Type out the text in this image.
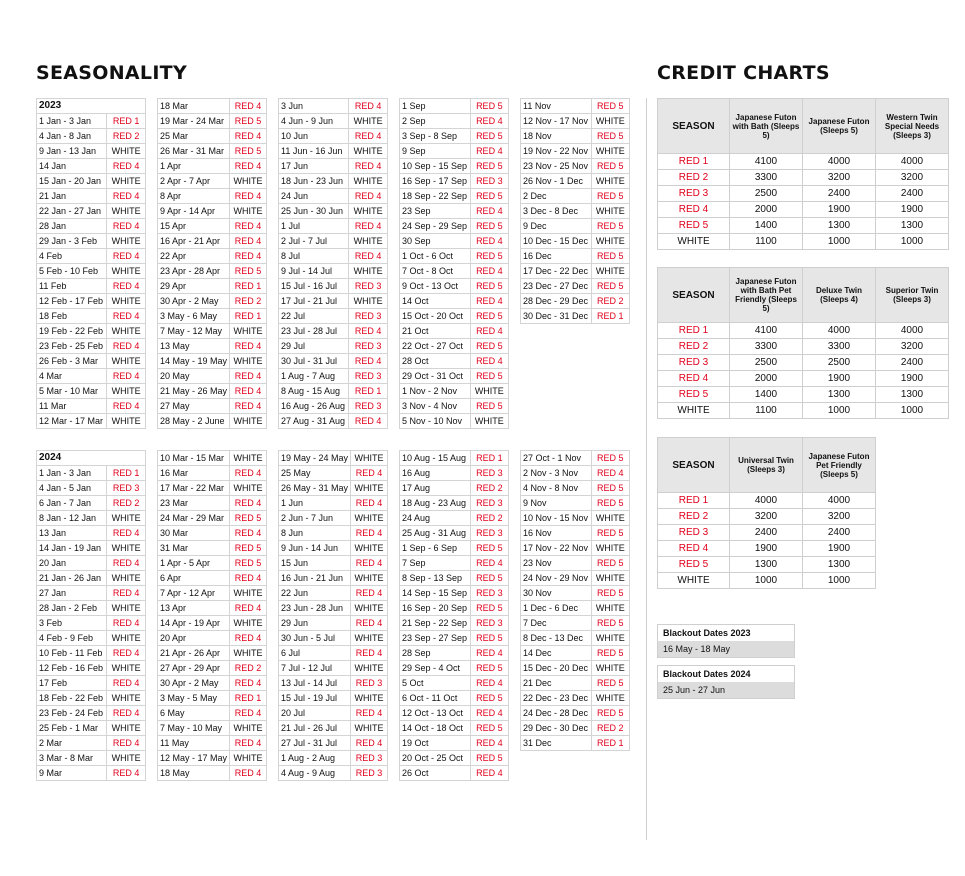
SEASONALITY	CREDIT CHARTS
2023	
1 Jan - 3 Jan	RED 1
4 Jan - 8 Jan	RED 2
9 Jan - 13 Jan	WHITE
14 Jan	RED 4
15 Jan - 20 Jan	WHITE
21 Jan	RED 4
22 Jan - 27 Jan	WHITE
28 Jan	RED 4
29 Jan - 3 Feb	WHITE
4 Feb	RED 4
5 Feb - 10 Feb	WHITE
11 Feb	RED 4
12 Feb - 17 Feb	WHITE
18 Feb	RED 4
19 Feb - 22 Feb	WHITE
23 Feb - 25 Feb	RED 4
26 Feb - 3 Mar	WHITE
4 Mar	RED 4
5 Mar - 10 Mar	WHITE
11 Mar	RED 4
12 Mar - 17 Mar	WHITE
18 Mar	RED 4
19 Mar - 24 Mar	RED 5
25 Mar	RED 4
26 Mar - 31 Mar	RED 5
1 Apr	RED 4
2 Apr - 7 Apr	WHITE
8 Apr	RED 4
9 Apr - 14 Apr	WHITE
15 Apr	RED 4
16 Apr - 21 Apr	RED 4
22 Apr	RED 4
23 Apr - 28 Apr	RED 5
29 Apr	RED 1
30 Apr - 2 May	RED 2
3 May - 6 May	RED 1
7 May - 12 May	WHITE
13 May	RED 4
14 May - 19 May	WHITE
20 May	RED 4
21 May - 26 May	RED 4
27 May	RED 4
28 May - 2 June	WHITE
3 Jun	RED 4
4 Jun - 9 Jun	WHITE
10 Jun	RED 4
11 Jun - 16 Jun	WHITE
17 Jun	RED 4
18 Jun - 23 Jun	WHITE
24 Jun	RED 4
25 Jun - 30 Jun	WHITE
1 Jul	RED 4
2 Jul - 7 Jul	WHITE
8 Jul	RED 4
9 Jul - 14 Jul	WHITE
15 Jul - 16 Jul	RED 3
17 Jul - 21 Jul	WHITE
22 Jul	RED 3
23 Jul - 28 Jul	RED 4
29 Jul	RED 3
30 Jul - 31 Jul	RED 4
1 Aug - 7 Aug	RED 3
8 Aug - 15 Aug	RED 1
16 Aug - 26 Aug	RED 3
27 Aug - 31 Aug	RED 4
1 Sep	RED 5
2 Sep	RED 4
3 Sep - 8 Sep	RED 5
9 Sep	RED 4
10 Sep - 15 Sep	RED 5
16 Sep - 17 Sep	RED 3
18 Sep - 22 Sep	RED 5
23 Sep	RED 4
24 Sep - 29 Sep	RED 5
30 Sep	RED 4
1 Oct - 6 Oct	RED 5
7 Oct - 8 Oct	RED 4
9 Oct - 13 Oct	RED 5
14 Oct	RED 4
15 Oct - 20 Oct	RED 5
21 Oct	RED 4
22 Oct - 27 Oct	RED 5
28 Oct	RED 4
29 Oct - 31 Oct	RED 5
1 Nov - 2 Nov	WHITE
3 Nov - 4 Nov	RED 5
5 Nov - 10 Nov	WHITE
11 Nov	RED 5
12 Nov - 17 Nov	WHITE
18 Nov	RED 5
19 Nov - 22 Nov	WHITE
23 Nov - 25 Nov	RED 5
26 Nov - 1 Dec	WHITE
2 Dec	RED 5
3 Dec - 8 Dec	WHITE
9 Dec	RED 5
10 Dec - 15 Dec	WHITE
16 Dec	RED 5
17 Dec - 22 Dec	WHITE
23 Dec - 27 Dec	RED 5
28 Dec - 29 Dec	RED 2
30 Dec - 31 Dec	RED 1
2024	
1 Jan - 3 Jan	RED 1
4 Jan - 5 Jan	RED 3
6 Jan - 7 Jan	RED 2
8 Jan - 12 Jan	WHITE
13 Jan	RED 4
14 Jan - 19 Jan	WHITE
20 Jan	RED 4
21 Jan - 26 Jan	WHITE
27 Jan	RED 4
28 Jan - 2 Feb	WHITE
3 Feb	RED 4
4 Feb - 9 Feb	WHITE
10 Feb - 11 Feb	RED 4
12 Feb - 16 Feb	WHITE
17 Feb	RED 4
18 Feb - 22 Feb	WHITE
23 Feb - 24 Feb	RED 4
25 Feb - 1 Mar	WHITE
2 Mar	RED 4
3 Mar - 8 Mar	WHITE
9 Mar	RED 4
10 Mar - 15 Mar	WHITE
16 Mar	RED 4
17 Mar - 22 Mar	WHITE
23 Mar	RED 4
24 Mar - 29 Mar	RED 5
30 Mar	RED 4
31 Mar	RED 5
1 Apr - 5 Apr	RED 5
6 Apr	RED 4
7 Apr - 12 Apr	WHITE
13 Apr	RED 4
14 Apr - 19 Apr	WHITE
20 Apr	RED 4
21 Apr - 26 Apr	WHITE
27 Apr - 29 Apr	RED 2
30 Apr - 2 May	RED 4
3 May - 5 May	RED 1
6 May	RED 4
7 May - 10 May	WHITE
11 May	RED 4
12 May - 17 May	WHITE
18 May	RED 4
19 May - 24 May	WHITE
25 May	RED 4
26 May - 31 May	WHITE
1 Jun	RED 4
2 Jun - 7 Jun	WHITE
8 Jun	RED 4
9 Jun - 14 Jun	WHITE
15 Jun	RED 4
16 Jun - 21 Jun	WHITE
22 Jun	RED 4
23 Jun - 28 Jun	WHITE
29 Jun	RED 4
30 Jun - 5 Jul	WHITE
6 Jul	RED 4
7 Jul - 12 Jul	WHITE
13 Jul - 14 Jul	RED 3
15 Jul - 19 Jul	WHITE
20 Jul	RED 4
21 Jul - 26 Jul	WHITE
27 Jul - 31 Jul	RED 4
1 Aug - 2 Aug	RED 3
4 Aug - 9 Aug	RED 3
10 Aug - 15 Aug	RED 1
16 Aug	RED 3
17 Aug	RED 2
18 Aug - 23 Aug	RED 3
24 Aug	RED 2
25 Aug - 31 Aug	RED 3
1 Sep - 6 Sep	RED 5
7 Sep	RED 4
8 Sep - 13 Sep	RED 5
14 Sep - 15 Sep	RED 3
16 Sep - 20 Sep	RED 5
21 Sep - 22 Sep	RED 3
23 Sep - 27 Sep	RED 5
28 Sep	RED 4
29 Sep - 4 Oct	RED 5
5 Oct	RED 4
6 Oct - 11 Oct	RED 5
12 Oct - 13 Oct	RED 4
14 Oct - 18 Oct	RED 5
19 Oct	RED 4
20 Oct - 25 Oct	RED 5
26 Oct	RED 4
27 Oct - 1 Nov	RED 5
2 Nov - 3 Nov	RED 4
4 Nov - 8 Nov	RED 5
9 Nov	RED 5
10 Nov - 15 Nov	WHITE
16 Nov	RED 5
17 Nov - 22 Nov	WHITE
23 Nov	RED 5
24 Nov - 29 Nov	WHITE
30 Nov	RED 5
1 Dec - 6 Dec	WHITE
7 Dec	RED 5
8 Dec - 13 Dec	WHITE
14 Dec	RED 5
15 Dec - 20 Dec	WHITE
21 Dec	RED 5
22 Dec - 23 Dec	WHITE
24 Dec - 28 Dec	RED 5
29 Dec - 30 Dec	RED 2
31 Dec	RED 1
SEASON	Japanese Futon with Bath (Sleeps 5)	Japanese Futon (Sleeps 5)	Western Twin Special Needs (Sleeps 3)
RED 1	4100	4000	4000
RED 2	3300	3200	3200
RED 3	2500	2400	2400
RED 4	2000	1900	1900
RED 5	1400	1300	1300
WHITE	1100	1000	1000
SEASON	Japanese Futon with Bath Pet Friendly (Sleeps 5)	Deluxe Twin (Sleeps 4)	Superior Twin (Sleeps 3)
RED 1	4100	4000	4000
RED 2	3300	3300	3200
RED 3	2500	2500	2400
RED 4	2000	1900	1900
RED 5	1400	1300	1300
WHITE	1100	1000	1000
SEASON	Universal Twin (Sleeps 3)	Japanese Futon Pet Friendly (Sleeps 5)
RED 1	4000	4000
RED 2	3200	3200
RED 3	2400	2400
RED 4	1900	1900
RED 5	1300	1300
WHITE	1000	1000
Blackout Dates 2023
16 May - 18 May
Blackout Dates 2024
25 Jun - 27 Jun
